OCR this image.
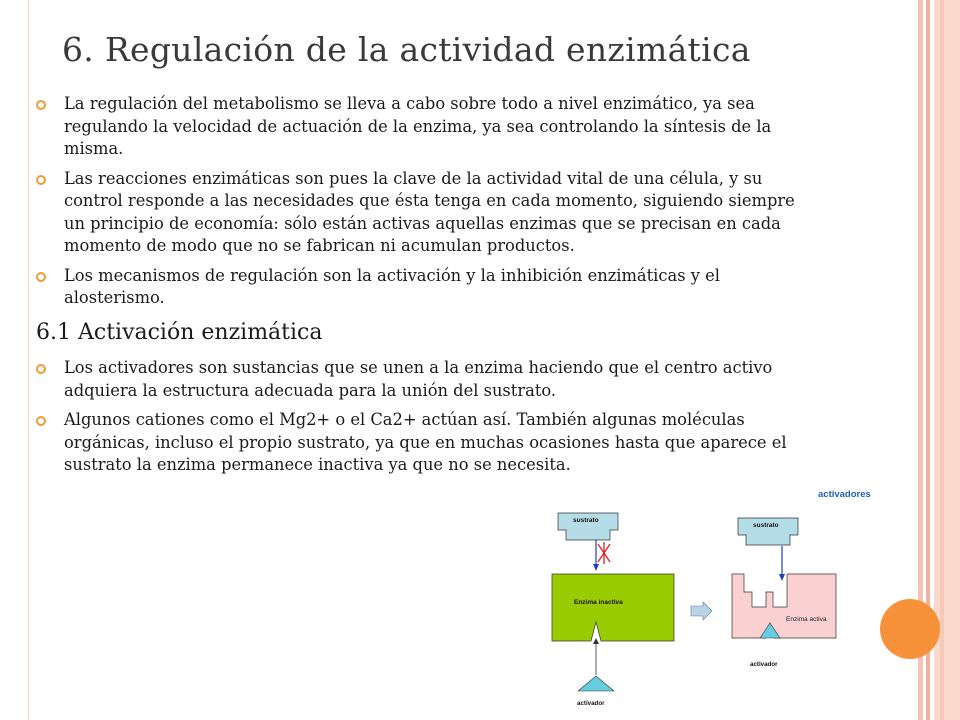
6. Regulación de la actividad enzimática
La regulación del metabolismo se lleva a cabo sobre todo a nivel enzimático, ya sea regulando la velocidad de actuación de la enzima, ya sea controlando la síntesis de la misma.
Las reacciones enzimáticas son pues la clave de la actividad vital de una célula, y su control responde a las necesidades que ésta tenga en cada momento, siguiendo siempre un principio de economía: sólo están activas aquellas enzimas que se precisan en cada momento de modo que no se fabrican ni acumulan productos.
Los mecanismos de regulación son la activación y la inhibición enzimáticas y el alosterismo.
6.1 Activación enzimática
Los activadores son sustancias que se unen a la enzima haciendo que el centro activo adquiera la estructura adecuada para la unión del sustrato.
Algunos cationes como el Mg2+ o el Ca2+ actúan así. También algunas moléculas orgánicas, incluso el propio sustrato, ya que en muchas ocasiones hasta que aparece el sustrato la enzima permanece inactiva ya que no se necesita.
activadores
sustrato
Enzima inactiva
activador
sustrato
Enzima activa
activador
